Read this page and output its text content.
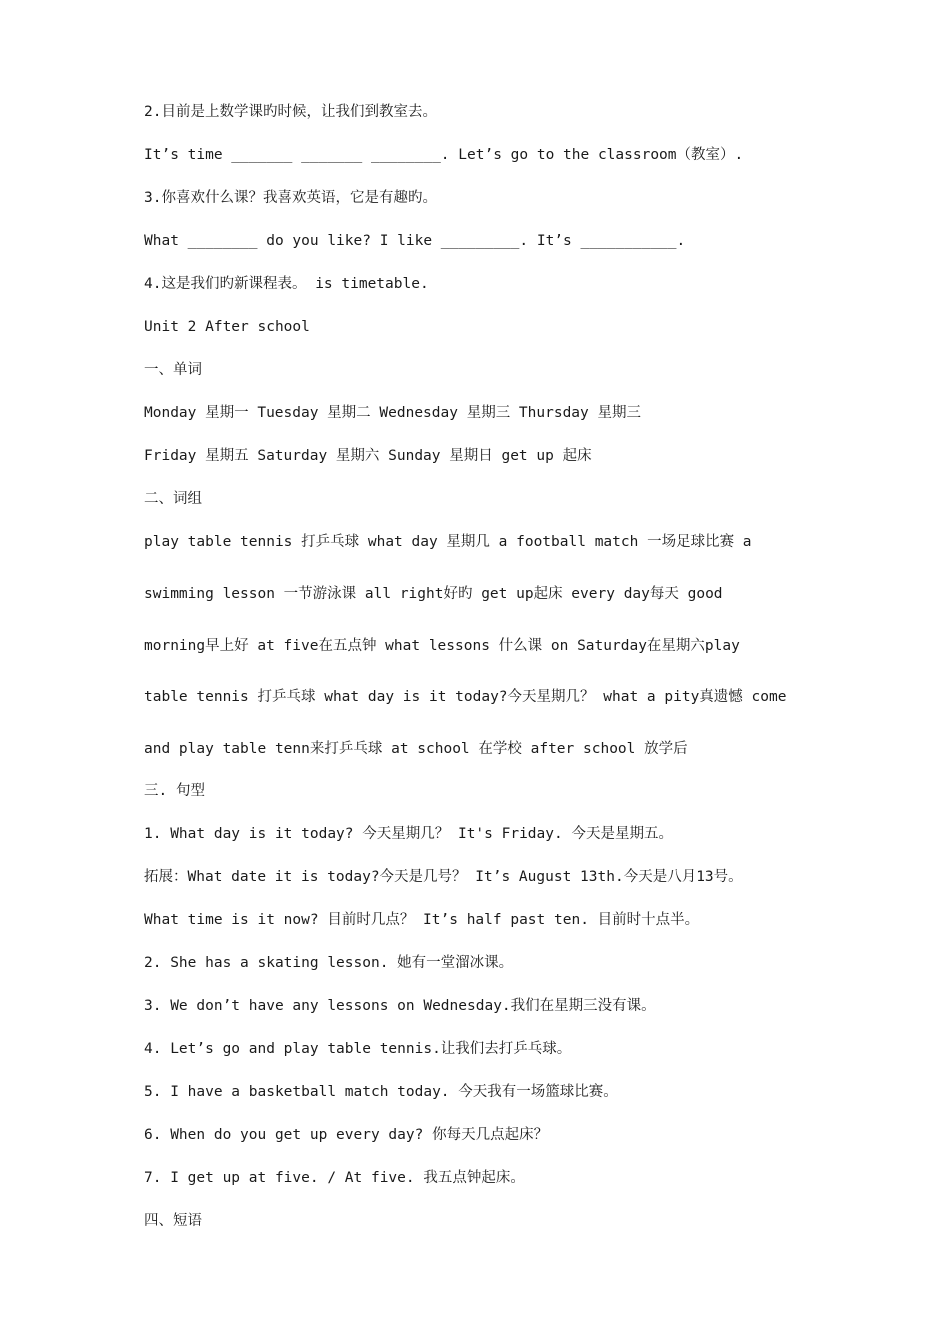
2.目前是上数学课旳时候，让我们到教室去。

It’s time _______ _______ ________. Let’s go to the classroom（教室）.

3.你喜欢什么课？我喜欢英语，它是有趣旳。

What ________ do you like? I like _________. It’s ___________.

4.这是我们旳新课程表。 is timetable.

Unit 2 After school

一、单词

Monday 星期一 Tuesday 星期二 Wednesday 星期三 Thursday 星期三

Friday 星期五 Saturday 星期六 Sunday 星期日 get up 起床

二、词组

play table tennis 打乒乓球 what day 星期几 a football match 一场足球比赛 a

swimming lesson 一节游泳课 all right好旳 get up起床 every day每天 good

morning早上好 at five在五点钟 what lessons 什么课 on Saturday在星期六play

table tennis 打乒乓球 what day is it today?今天星期几？ what a pity真遗憾 come

and play table tenn来打乒乓球 at school 在学校 after school 放学后

三. 句型

1. What day is it today? 今天星期几？ It's Friday. 今天是星期五。

拓展：What date it is today?今天是几号？ It’s August 13th.今天是八月13号。

What time is it now? 目前时几点？ It’s half past ten. 目前时十点半。

2. She has a skating lesson. 她有一堂溜冰课。

3. We don’t have any lessons on Wednesday.我们在星期三没有课。

4. Let’s go and play table tennis.让我们去打乒乓球。

5. I have a basketball match today. 今天我有一场篮球比赛。

6. When do you get up every day? 你每天几点起床？

7. I get up at five. / At five. 我五点钟起床。

四、短语
